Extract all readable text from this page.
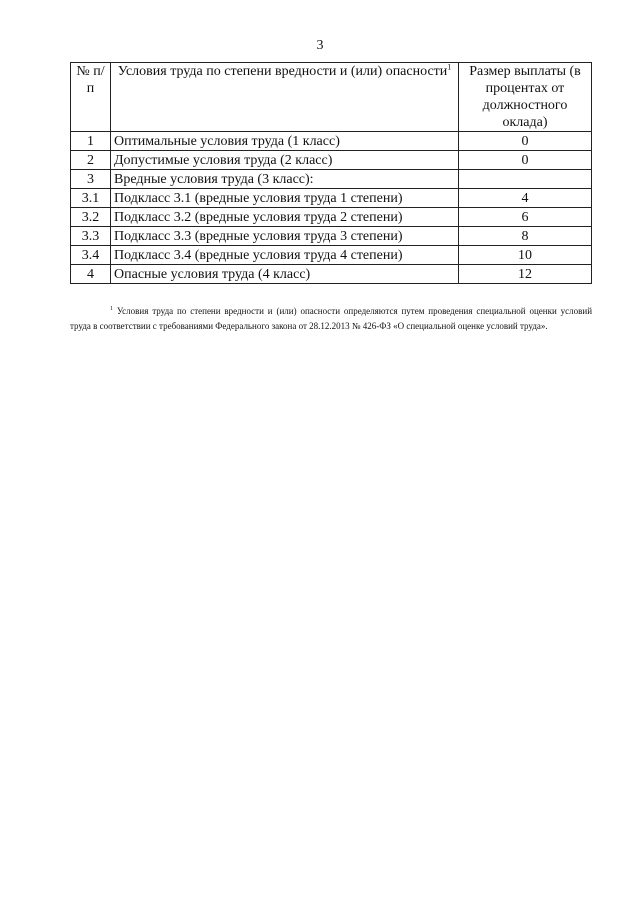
3
№ п/п	Условия труда по степени вредности и (или) опасности$^1$	Размер выплаты (в процентах от должностного оклада)
1	Оптимальные условия труда (1 класс)	0
2	Допустимые условия труда (2 класс)	0
3	Вредные условия труда (3 класс):	
3.1	Подкласс 3.1 (вредные условия труда 1 степени)	4
3.2	Подкласс 3.2 (вредные условия труда 2 степени)	6
3.3	Подкласс 3.3 (вредные условия труда 3 степени)	8
3.4	Подкласс 3.4 (вредные условия труда 4 степени)	10
4	Опасные условия труда (4 класс)	12
$^1$ Условия труда по степени вредности и (или) опасности определяются путем проведения специальной оценки условий труда в соответствии с требованиями Федерального закона от 28.12.2013 № 426-ФЗ «О специальной оценке условий труда».
